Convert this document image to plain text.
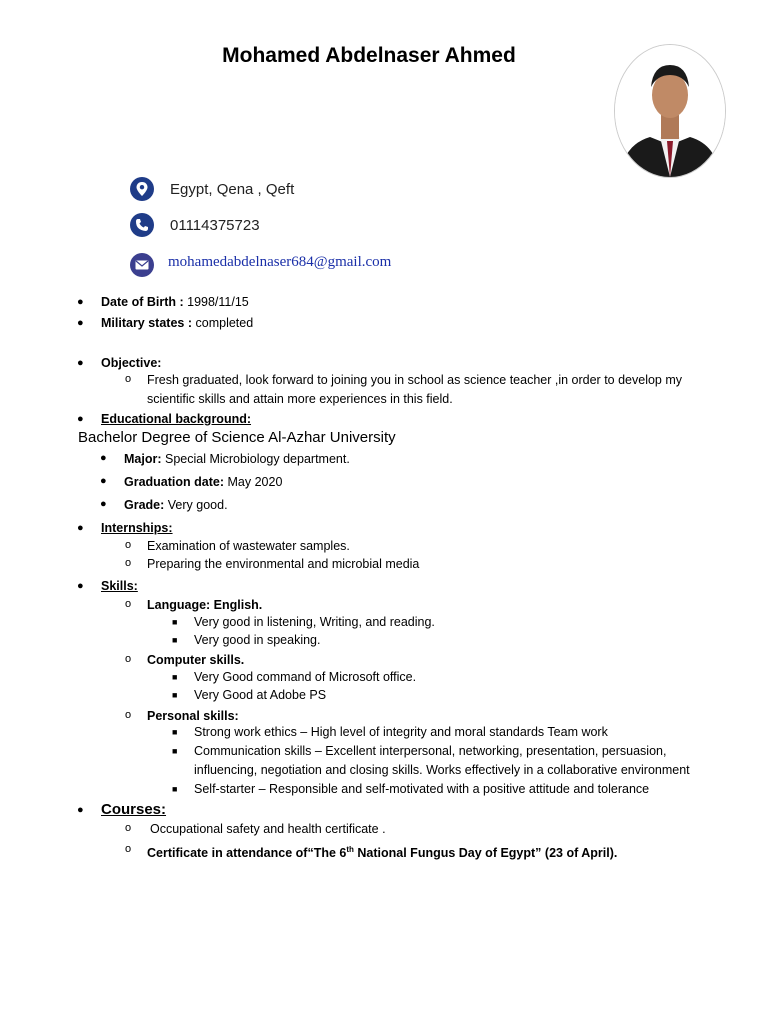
Mohamed Abdelnaser Ahmed
Egypt, Qena , Qeft
01114375723
mohamedabdelnaser684@gmail.com
● Date of Birth : 1998/11/15
● Military states : completed
● Objective:
o Fresh graduated, look forward to joining you in school as science teacher ,in order to develop my
scientific skills and attain more experiences in this field.
● Educational background:
Bachelor Degree of Science Al-Azhar University
● Major: Special Microbiology department.
● Graduation date: May 2020
● Grade: Very good.
● Internships:
o Examination of wastewater samples.
o Preparing the environmental and microbial media
● Skills:
o Language: English.
■ Very good in listening, Writing, and reading.
■ Very good in speaking.
o Computer skills.
■ Very Good command of Microsoft office.
■ Very Good at Adobe PS
o Personal skills:
■ Strong work ethics – High level of integrity and moral standards Team work
■ Communication skills – Excellent interpersonal, networking, presentation, persuasion,
influencing, negotiation and closing skills. Works effectively in a collaborative environment
■ Self-starter – Responsible and self-motivated with a positive attitude and tolerance
● Courses:
o Occupational safety and health certificate .
o Certificate in attendance of“The 6th National Fungus Day of Egypt” (23 of April).
